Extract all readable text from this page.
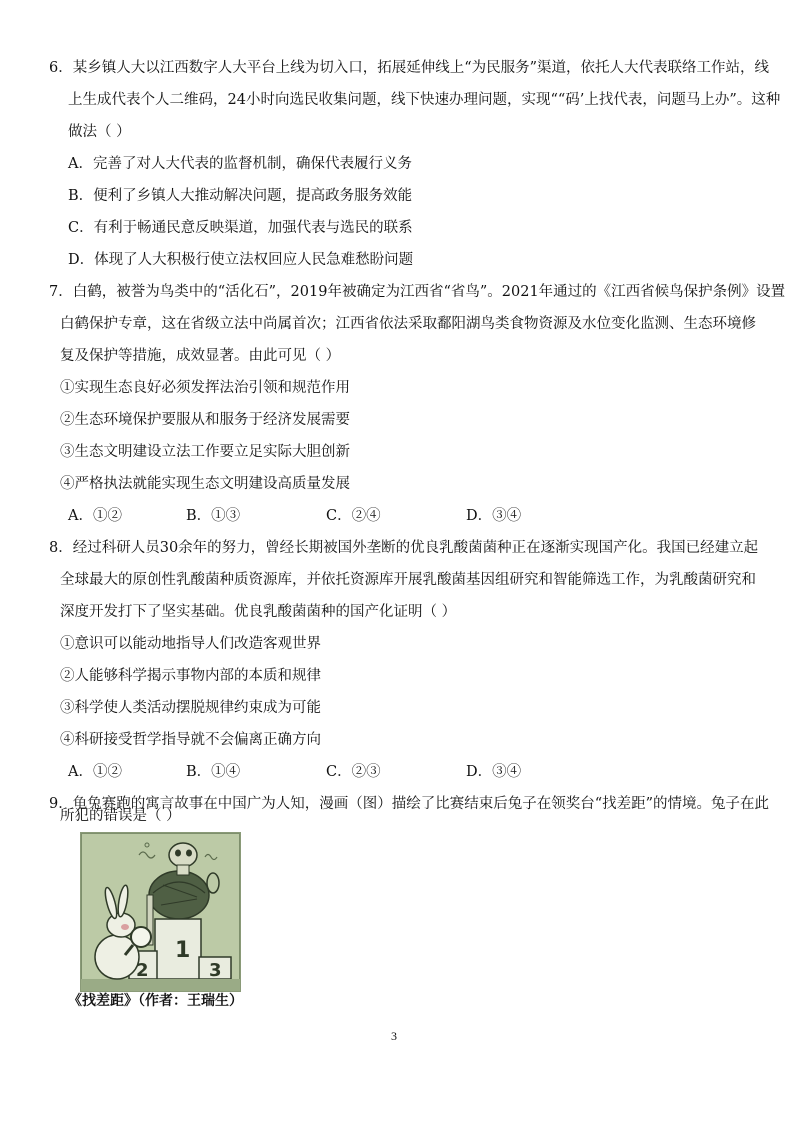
6．某乡镇人大以江西数字人大平台上线为切入口，拓展延伸线上“为民服务”渠道，依托人大代表联络工作站，线
上生成代表个人二维码，24小时向选民收集问题，线下快速办理问题，实现““码’上找代表，问题马上办”。这种
做法（ ）
A．完善了对人大代表的监督机制，确保代表履行义务
B．便利了乡镇人大推动解决问题，提高政务服务效能
C．有利于畅通民意反映渠道，加强代表与选民的联系
D．体现了人大积极行使立法权回应人民急难愁盼问题
7．白鹤，被誉为鸟类中的“活化石”，2019年被确定为江西省“省鸟”。2021年通过的《江西省候鸟保护条例》设置
白鹤保护专章，这在省级立法中尚属首次；江西省依法采取鄱阳湖鸟类食物资源及水位变化监测、生态环境修
复及保护等措施，成效显著。由此可见（ ）
①实现生态良好必须发挥法治引领和规范作用
②生态环境保护要服从和服务于经济发展需要
③生态文明建设立法工作要立足实际大胆创新
④严格执法就能实现生态文明建设高质量发展
A．①②	B．①③	C．②④	D．③④
8．经过科研人员30余年的努力，曾经长期被国外垄断的优良乳酸菌菌种正在逐渐实现国产化。我国已经建立起
全球最大的原创性乳酸菌种质资源库，并依托资源库开展乳酸菌基因组研究和智能筛选工作，为乳酸菌研究和
深度开发打下了坚实基础。优良乳酸菌菌种的国产化证明（ ）
①意识可以能动地指导人们改造客观世界
②人能够科学揭示事物内部的本质和规律
③科学使人类活动摆脱规律约束成为可能
④科研接受哲学指导就不会偏离正确方向
A．①②	B．①④	C．②③	D．③④
9．龟兔赛跑的寓言故事在中国广为人知，漫画（图）描绘了比赛结束后兔子在领奖台“找差距”的情境。兔子在此
所犯的错误是（ ）
1
2	3
《找差距》（作者：王瑞生）
3
